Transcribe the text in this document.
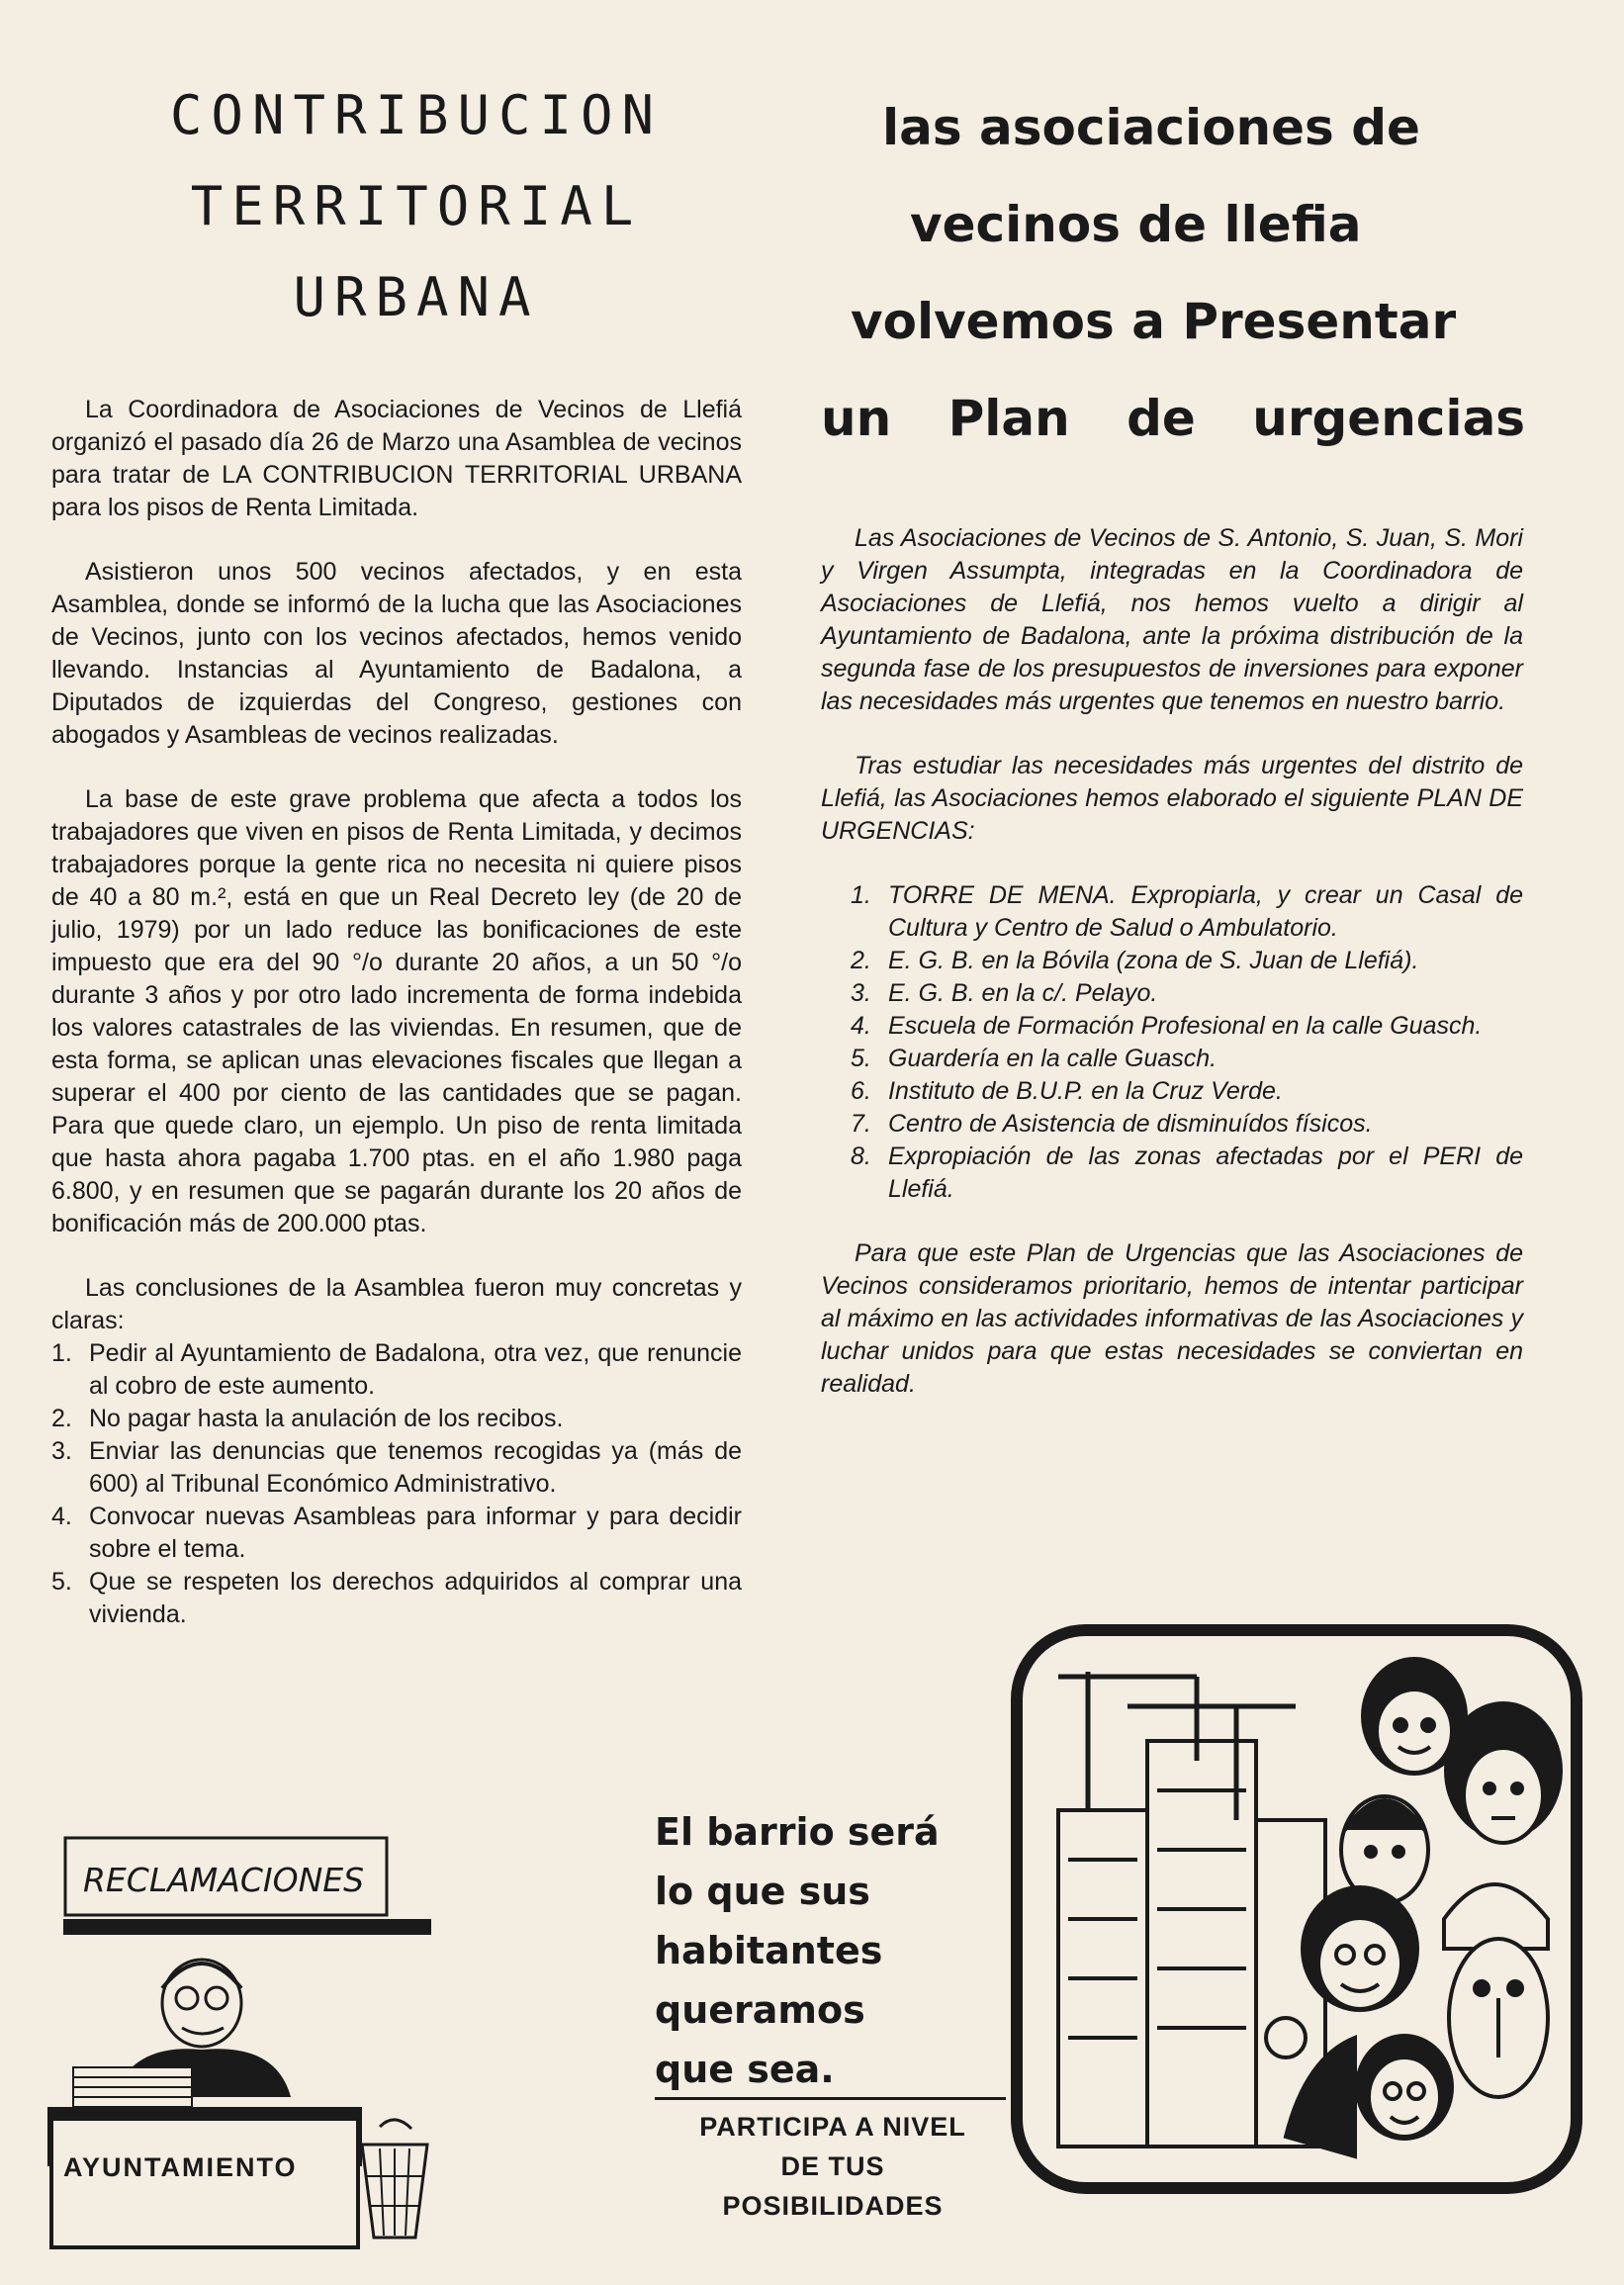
CONTRIBUCION
TERRITORIAL
URBANA

La Coordinadora de Asociaciones de Vecinos de Llefiá organizó el pasado día 26 de Marzo una Asamblea de vecinos para tratar de LA CONTRIBUCION TERRITORIAL URBANA para los pisos de Renta Limitada.

Asistieron unos 500 vecinos afectados, y en esta Asamblea, donde se informó de la lucha que las Asociaciones de Vecinos, junto con los vecinos afectados, hemos venido llevando. Instancias al Ayuntamiento de Badalona, a Diputados de izquierdas del Congreso, gestiones con abogados y Asambleas de vecinos realizadas.

La base de este grave problema que afecta a todos los trabajadores que viven en pisos de Renta Limitada, y decimos trabajadores porque la gente rica no necesita ni quiere pisos de 40 a 80 m.², está en que un Real Decreto ley (de 20 de julio, 1979) por un lado reduce las bonificaciones de este impuesto que era del 90 °/o durante 20 años, a un 50 °/o durante 3 años y por otro lado incrementa de forma indebida los valores catastrales de las viviendas. En resumen, que de esta forma, se aplican unas elevaciones fiscales que llegan a superar el 400 por ciento de las cantidades que se pagan. Para que quede claro, un ejemplo. Un piso de renta limitada que hasta ahora pagaba 1.700 ptas. en el año 1.980 paga 6.800, y en resumen que se pagarán durante los 20 años de bonificación más de 200.000 ptas.

Las conclusiones de la Asamblea fueron muy concretas y claras:

1. Pedir al Ayuntamiento de Badalona, otra vez, que renuncie al cobro de este aumento.
2. No pagar hasta la anulación de los recibos.
3. Enviar las denuncias que tenemos recogidas ya (más de 600) al Tribunal Económico Administrativo.
4. Convocar nuevas Asambleas para informar y para decidir sobre el tema.
5. Que se respeten los derechos adquiridos al comprar una vivienda.
las asociaciones de
vecinos de llefia
volvemos a Presentar
un Plan de urgencias

Las Asociaciones de Vecinos de S. Antonio, S. Juan, S. Mori y Virgen Assumpta, integradas en la Coordinadora de Asociaciones de Llefiá, nos hemos vuelto a dirigir al Ayuntamiento de Badalona, ante la próxima distribución de la segunda fase de los presupuestos de inversiones para exponer las necesidades más urgentes que tenemos en nuestro barrio.

Tras estudiar las necesidades más urgentes del distrito de Llefiá, las Asociaciones hemos elaborado el siguiente PLAN DE URGENCIAS:

1. TORRE DE MENA. Expropiarla, y crear un Casal de Cultura y Centro de Salud o Ambulatorio.
2. E. G. B. en la Bóvila (zona de S. Juan de Llefiá).
3. E. G. B. en la c/. Pelayo.
4. Escuela de Formación Profesional en la calle Guasch.
5. Guardería en la calle Guasch.
6. Instituto de B.U.P. en la Cruz Verde.
7. Centro de Asistencia de disminuídos físicos.
8. Expropiación de las zonas afectadas por el PERI de Llefiá.

Para que este Plan de Urgencias que las Asociaciones de Vecinos consideramos prioritario, hemos de intentar participar al máximo en las actividades informativas de las Asociaciones y luchar unidos para que estas necesidades se conviertan en realidad.

RECLAMACIONES
AYUNTAMIENTO
El barrio será
lo que sus
habitantes
queramos
que sea.
PARTICIPA A NIVEL
DE TUS
POSIBILIDADES
